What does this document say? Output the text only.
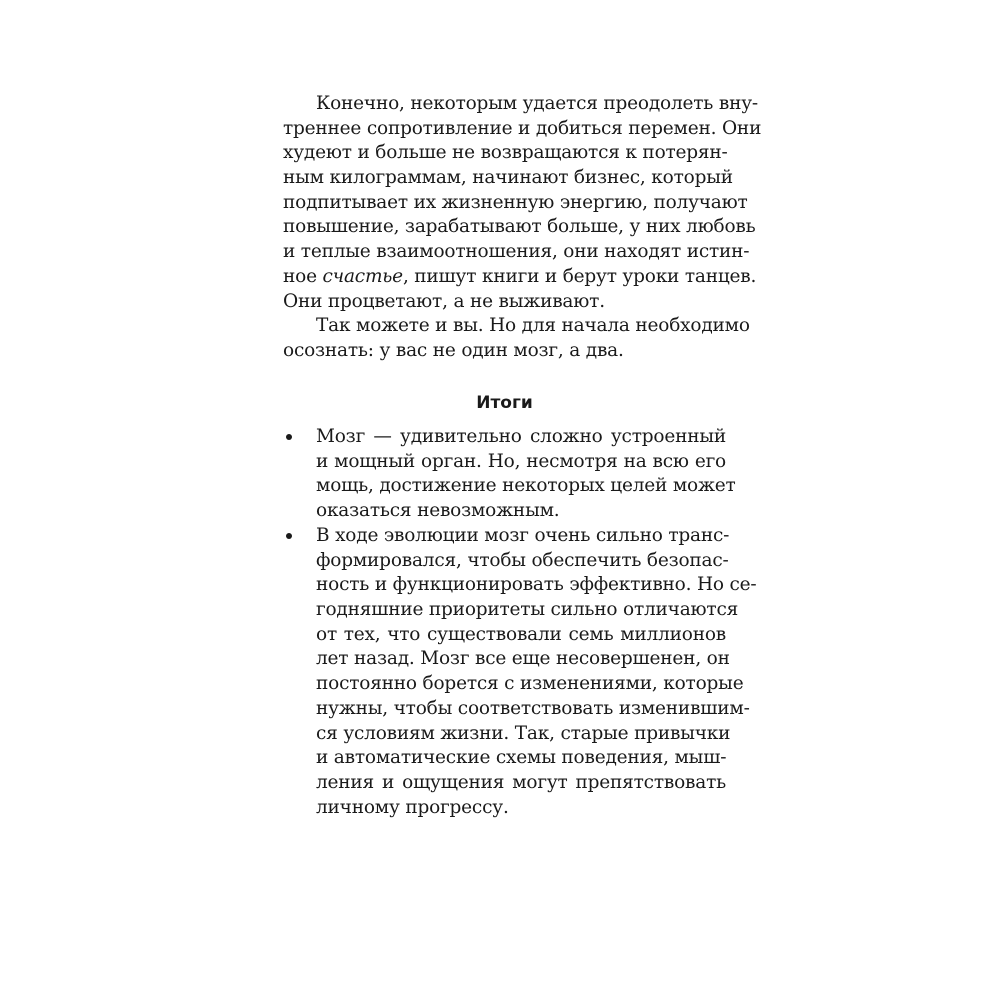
Конечно, некоторым удается преодолеть вну-
треннее сопротивление и добиться перемен. Они
худеют и больше не возвращаются к потерян-
ным килограммам, начинают бизнес, который
подпитывает их жизненную энергию, получают
повышение, зарабатывают больше, у них любовь
и теплые взаимоотношения, они находят истин-
ное счастье, пишут книги и берут уроки танцев.
Они процветают, а не выживают.
Так можете и вы. Но для начала необходимо
осознать: у вас не один мозг, а два.
Итоги
Мозг — удивительно сложно устроенный
и мощный орган. Но, несмотря на всю его
мощь, достижение некоторых целей может
оказаться невозможным.
В ходе эволюции мозг очень сильно транс-
формировался, чтобы обеспечить безопас-
ность и функционировать эффективно. Но се-
годняшние приоритеты сильно отличаются
от тех, что существовали семь миллионов
лет назад. Мозг все еще несовершенен, он
постоянно борется с изменениями, которые
нужны, чтобы соответствовать изменившим-
ся условиям жизни. Так, старые привычки
и автоматические схемы поведения, мыш-
ления и ощущения могут препятствовать
личному прогрессу.
